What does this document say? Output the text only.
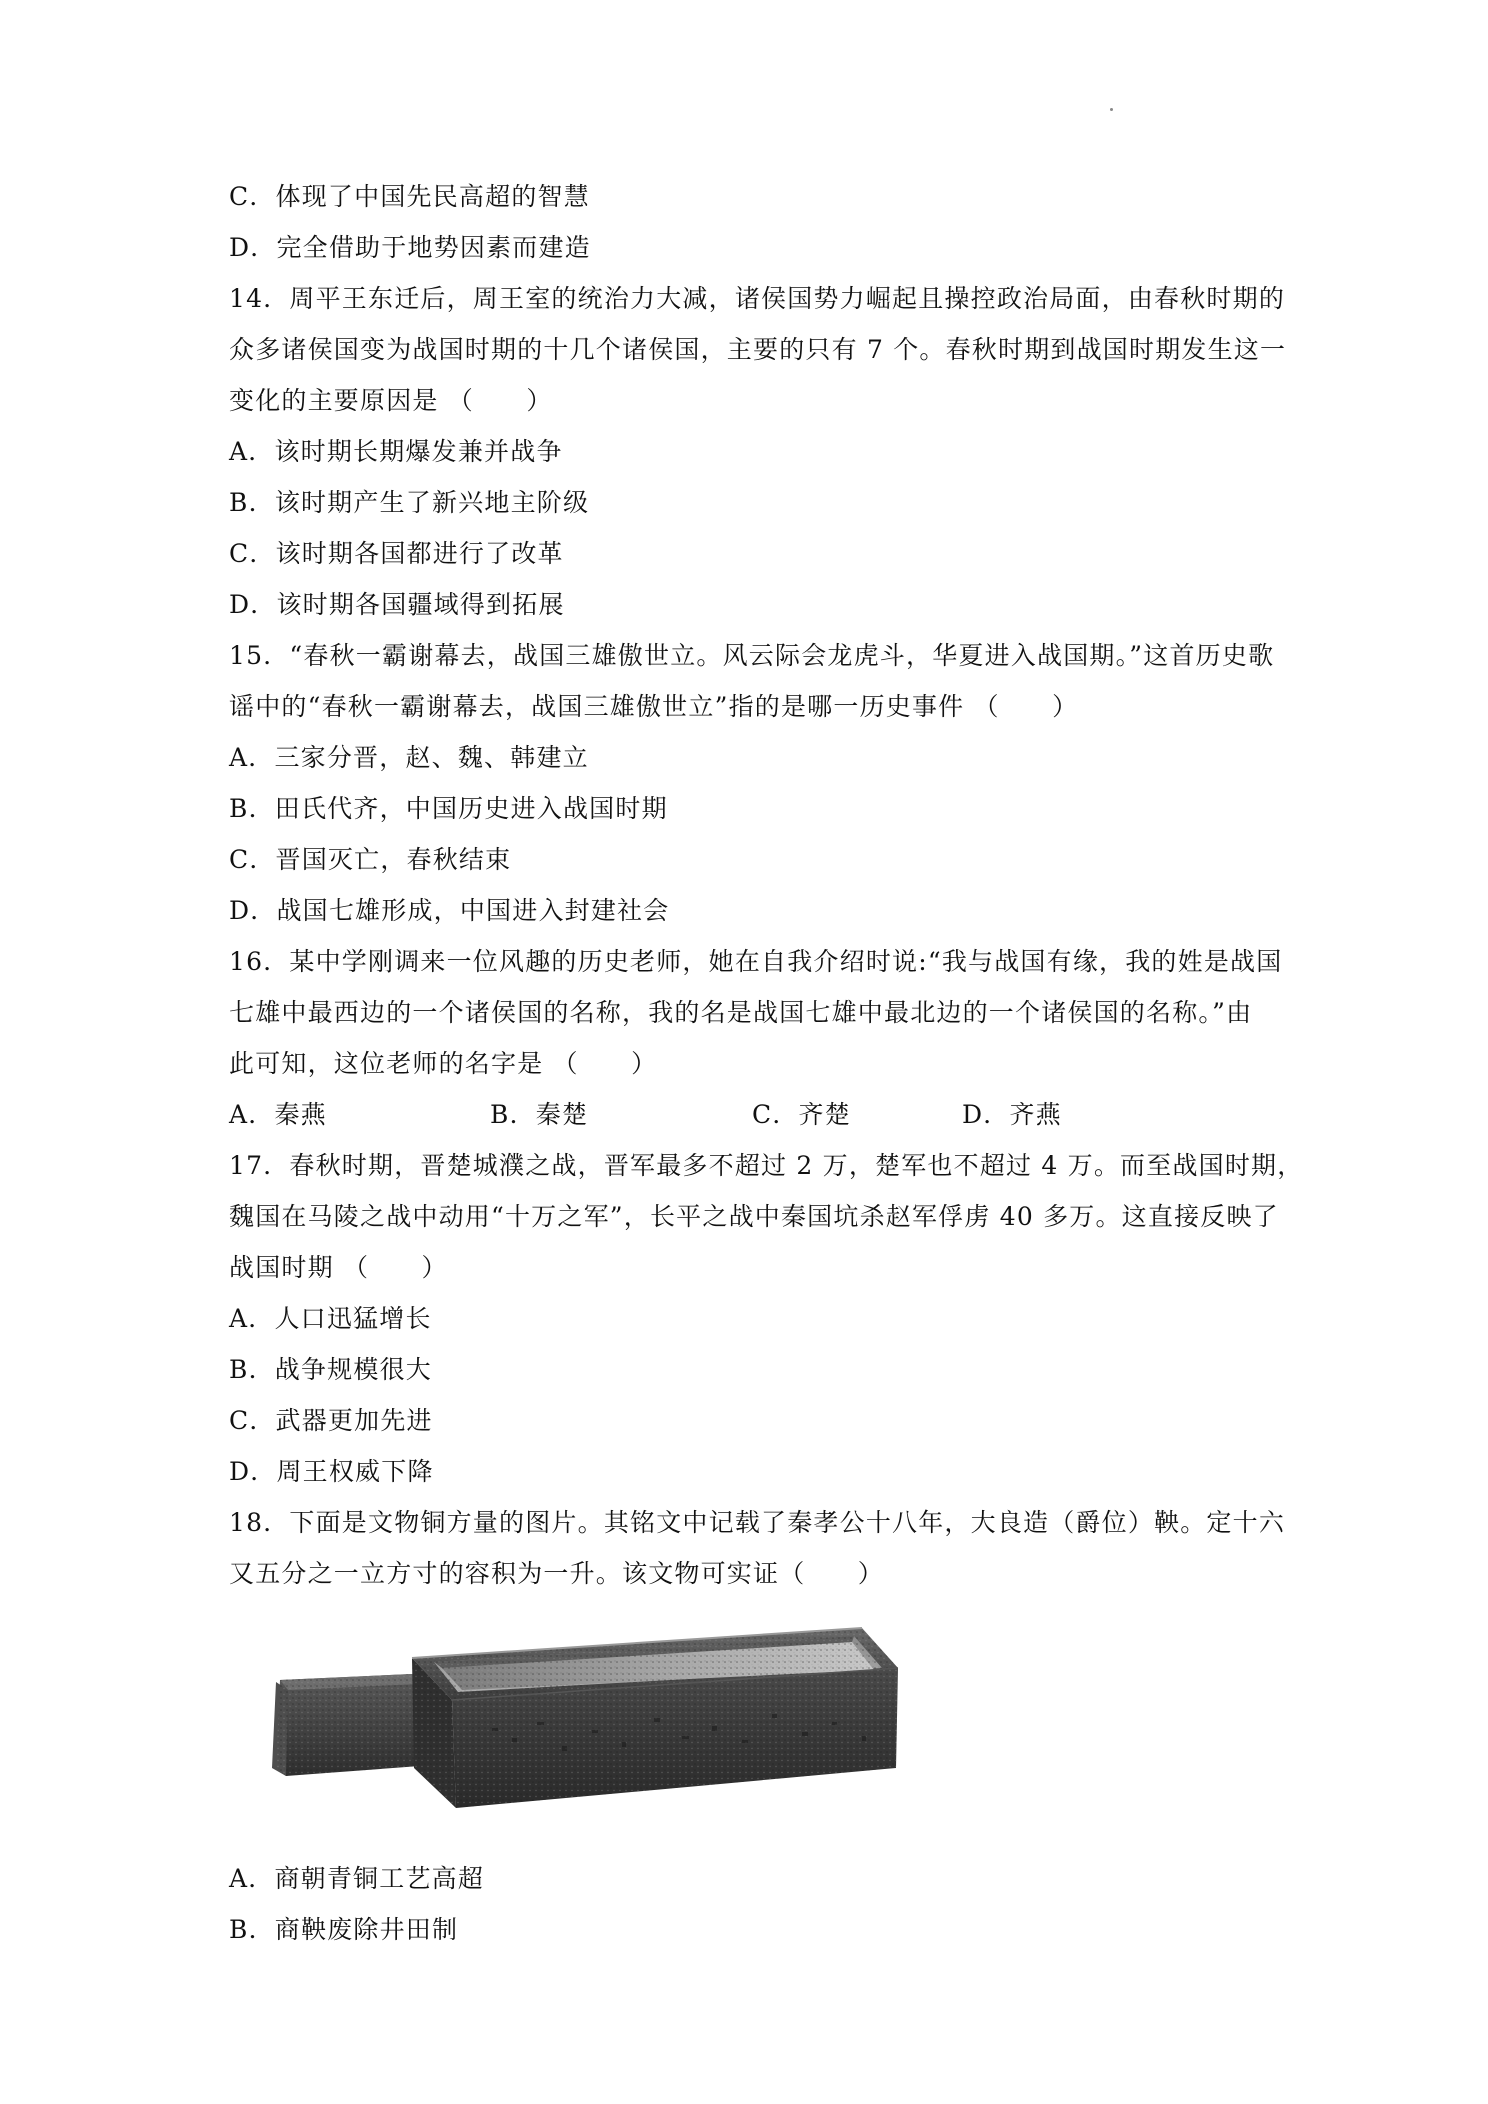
C．体现了中国先民高超的智慧
D．完全借助于地势因素而建造
14．周平王东迁后，周王室的统治力大减，诸侯国势力崛起且操控政治局面，由春秋时期的
众多诸侯国变为战国时期的十几个诸侯国，主要的只有 7 个。春秋时期到战国时期发生这一
变化的主要原因是 （　　）
A．该时期长期爆发兼并战争
B．该时期产生了新兴地主阶级
C．该时期各国都进行了改革
D．该时期各国疆域得到拓展
15．“春秋一霸谢幕去，战国三雄傲世立。风云际会龙虎斗，华夏进入战国期。”这首历史歌
谣中的“春秋一霸谢幕去，战国三雄傲世立”指的是哪一历史事件 （　　）
A．三家分晋，赵、魏、韩建立
B．田氏代齐，中国历史进入战国时期
C．晋国灭亡，春秋结束
D．战国七雄形成，中国进入封建社会
16．某中学刚调来一位风趣的历史老师，她在自我介绍时说:“我与战国有缘，我的姓是战国
七雄中最西边的一个诸侯国的名称，我的名是战国七雄中最北边的一个诸侯国的名称。”由
此可知，这位老师的名字是 （　　）
A．秦燕	B．秦楚	C．齐楚	D．齐燕
17．春秋时期，晋楚城濮之战，晋军最多不超过 2 万，楚军也不超过 4 万。而至战国时期，
魏国在马陵之战中动用“十万之军”，长平之战中秦国坑杀赵军俘虏 40 多万。这直接反映了
战国时期 （　　）
A．人口迅猛增长
B．战争规模很大
C．武器更加先进
D．周王权威下降
18．下面是文物铜方量的图片。其铭文中记载了秦孝公十八年，大良造（爵位）鞅。定十六
又五分之一立方寸的容积为一升。该文物可实证（　　）
A．商朝青铜工艺高超
B．商鞅废除井田制
